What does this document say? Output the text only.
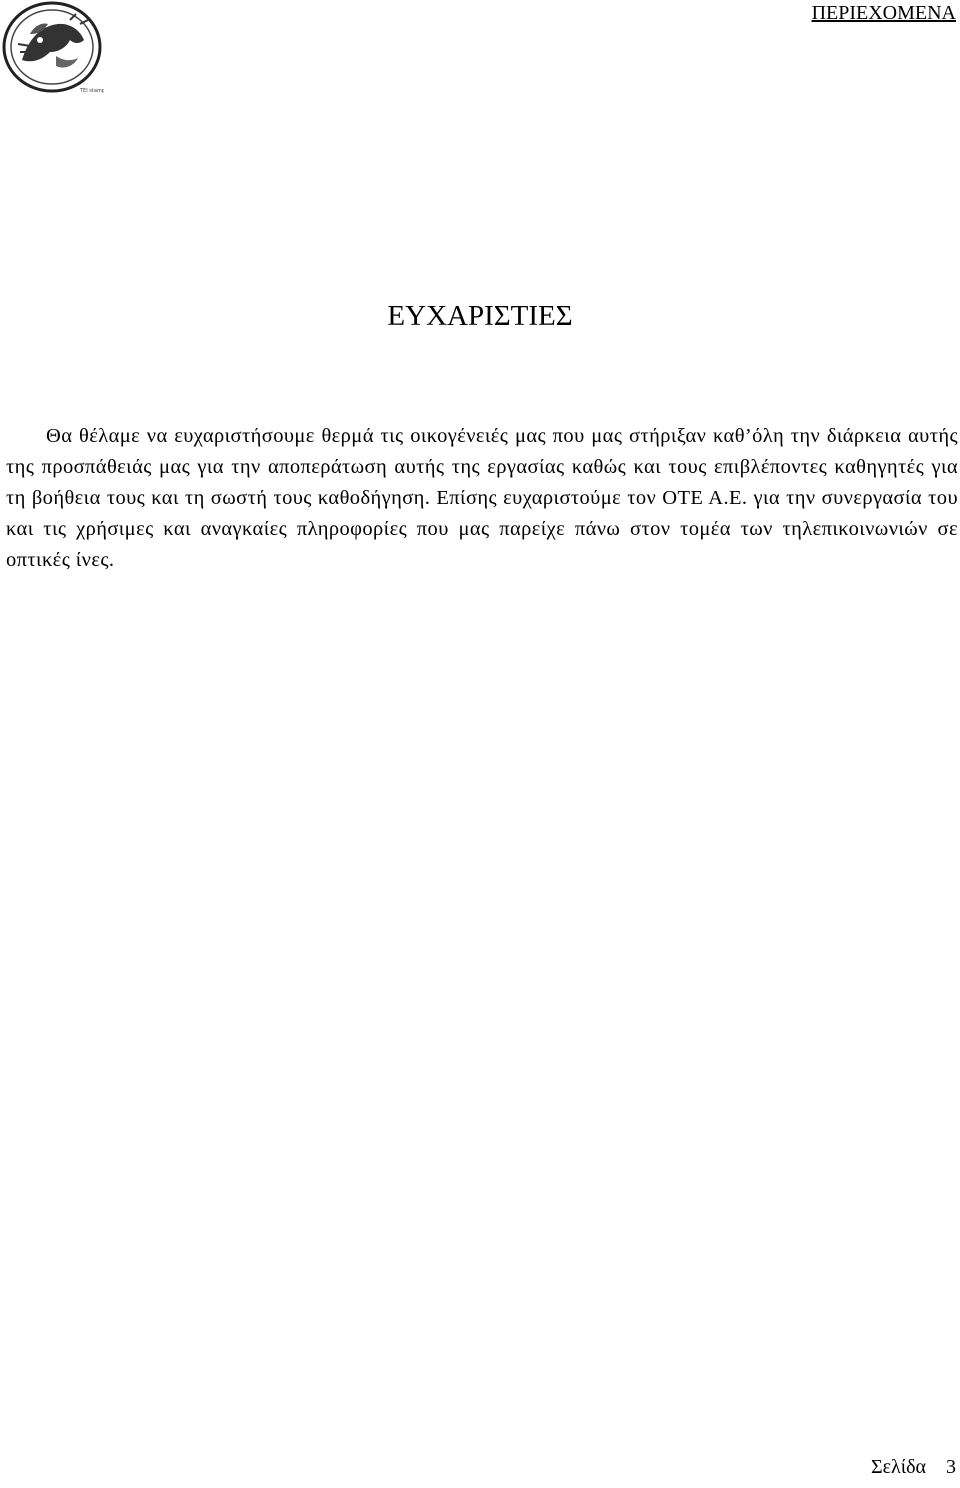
TEI stamp
ΠΕΡΙΕΧΟΜΕΝΑ
ΕΥΧΑΡΙΣΤΙΕΣ

Θα θέλαμε να ευχαριστήσουμε θερμά τις οικογένειές μας που μας στήριξαν καθ’όλη την διάρκεια αυτής της προσπάθειάς μας για την αποπεράτωση αυτής της εργασίας καθώς και τους επιβλέποντες καθηγητές για τη βοήθεια τους και τη σωστή τους καθοδήγηση. Επίσης ευχαριστούμε τον ΟΤΕ Α.Ε. για την συνεργασία του και τις χρήσιμες και αναγκαίες πληροφορίες που μας παρείχε πάνω στον τομέα των τηλεπικοινωνιών σε οπτικές ίνες.

Σελίδα 3
